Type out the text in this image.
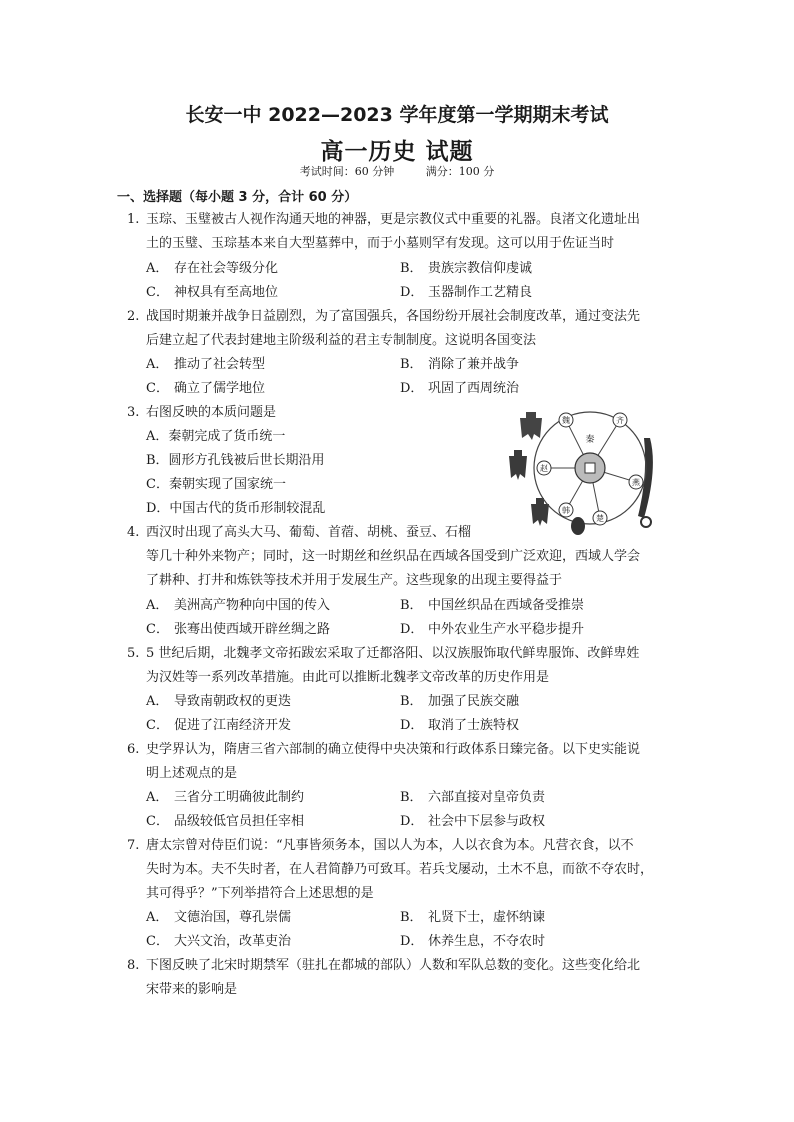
长安一中 2022—2023 学年度第一学期期末考试
高一历史 试题
考试时间：60 分钟	满分：100 分
一、选择题（每小题 3 分，合计 60 分）
1. 玉琮、玉璧被古人视作沟通天地的神器，更是宗教仪式中重要的礼器。良渚文化遗址出
土的玉璧、玉琮基本来自大型墓葬中，而于小墓则罕有发现。这可以用于佐证当时
A． 存在社会等级分化	B． 贵族宗教信仰虔诚
C． 神权具有至高地位	D． 玉器制作工艺精良
2. 战国时期兼并战争日益剧烈，为了富国强兵，各国纷纷开展社会制度改革，通过变法先
后建立起了代表封建地主阶级利益的君主专制制度。这说明各国变法
A． 推动了社会转型	B． 消除了兼并战争
C． 确立了儒学地位	D． 巩固了西周统治
3. 右图反映的本质问题是
A．秦朝完成了货币统一
B．圆形方孔钱被后世长期沿用
C．秦朝实现了国家统一
D．中国古代的货币形制较混乱
秦
魏	齐
赵
燕
韩
楚
4. 西汉时出现了高头大马、葡萄、首蓿、胡桃、蚕豆、石榴
等几十种外来物产；同时，这一时期丝和丝织品在西域各国受到广泛欢迎，西域人学会
了耕种、打井和炼铁等技术并用于发展生产。这些现象的出现主要得益于
A． 美洲高产物种向中国的传入	B． 中国丝织品在西域备受推崇
C． 张骞出使西域开辟丝绸之路	D． 中外农业生产水平稳步提升
5. 5 世纪后期，北魏孝文帝拓跋宏采取了迁都洛阳、以汉族服饰取代鲜卑服饰、改鲜卑姓
为汉姓等一系列改革措施。由此可以推断北魏孝文帝改革的历史作用是
A． 导致南朝政权的更迭	B． 加强了民族交融
C． 促进了江南经济开发	D． 取消了士族特权
6. 史学界认为，隋唐三省六部制的确立使得中央决策和行政体系日臻完备。以下史实能说
明上述观点的是
A． 三省分工明确彼此制约	B． 六部直接对皇帝负责
C． 品级较低官员担任宰相	D． 社会中下层参与政权
7. 唐太宗曾对侍臣们说：“凡事皆须务本，国以人为本，人以衣食为本。凡营衣食，以不
失时为本。夫不失时者，在人君简静乃可致耳。若兵戈屡动，土木不息，而欲不夺农时，
其可得乎？”下列举措符合上述思想的是
A． 文德治国，尊孔崇儒	B． 礼贤下士，虚怀纳谏
C． 大兴文治，改革吏治	D． 休养生息，不夺农时
8. 下图反映了北宋时期禁军（驻扎在都城的部队）人数和军队总数的变化。这些变化给北
宋带来的影响是
